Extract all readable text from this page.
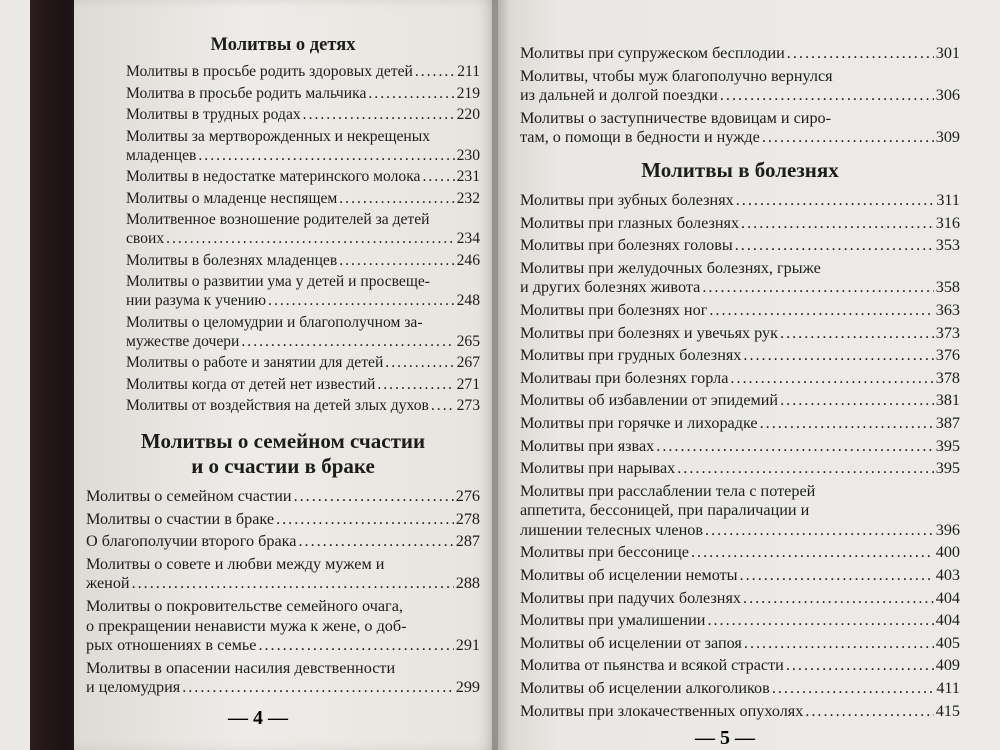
Молитвы о детях
Молитвы в просьбе родить здоровых детей .....	211
Молитва в просьбе родить мальчика .....	219
Молитвы в трудных родах .....	220
Молитвы за мертворожденных и некрещеных
младенцев .....	230
Молитвы в недостатке материнского молока ..... 231
Молитвы о младенце неспящем .....	232
Молитвенное возношение родителей за детей
своих .....	234
Молитвы в болезнях младенцев .....	246
Молитвы о развитии ума у детей и просвеще-
нии разума к учению .....	248
Молитвы о целомудрии и благополучном за-
мужестве дочери .....	265
Молитвы о работе и занятии для детей .....	267
Молитвы когда от детей нет известий .....	271
Молитвы от воздействия на детей злых духов ..... 273
Молитвы о семейном счастии
и о счастии в браке
Молитвы о семейном счастии .....	276
Молитвы о счастии в браке .....	278
О благополучии второго брака .....	287
Молитвы о совете и любви между мужем и
женой .....	288
Молитвы о покровительстве семейного очага,
о прекращении ненависти мужа к жене, о доб-
рых отношениях в семье .....	291
Молитвы в опасении насилия девственности
и целомудрия .....	299
Молитвы при супружеском бесплодии .....	301
Молитвы, чтобы муж благополучно вернулся
из дальней и долгой поездки .....	306
Молитвы о заступничестве вдовицам и сиро-
там, о помощи в бедности и нужде .....	309
Молитвы в болезнях
Молитвы при зубных болезнях .....	311
Молитвы при глазных болезнях .....	316
Молитвы при болезнях головы .....	353
Молитвы при желудочных болезнях, грыже
и других болезнях живота .....	358
Молитвы при болезнях ног .....	363
Молитвы при болезнях и увечьях рук .....	373
Молитвы при грудных болезнях .....	376
Молитваы при болезнях горла .....	378
Молитвы об избавлении от эпидемий .....	381
Молитвы при горячке и лихорадке .....	387
Молитвы при язвах .....	395
Молитвы при нарывах .....	395
Молитвы при расслаблении тела с потерей
аппетита, бессоницей, при параличации и
лишении телесных членов .....	396
Молитвы при бессонице .....	400
Молитвы об исцелении немоты .....	403
Молитвы при падучих болезнях .....	404
Молитвы при умалишении .....	404
Молитвы об исцелении от запоя .....	405
Молитва от пьянства и всякой страсти .....	409
Молитвы об исцелении алкоголиков .....	411
Молитвы при злокачественных опухолях .....	415
— 4 —
— 5 —
